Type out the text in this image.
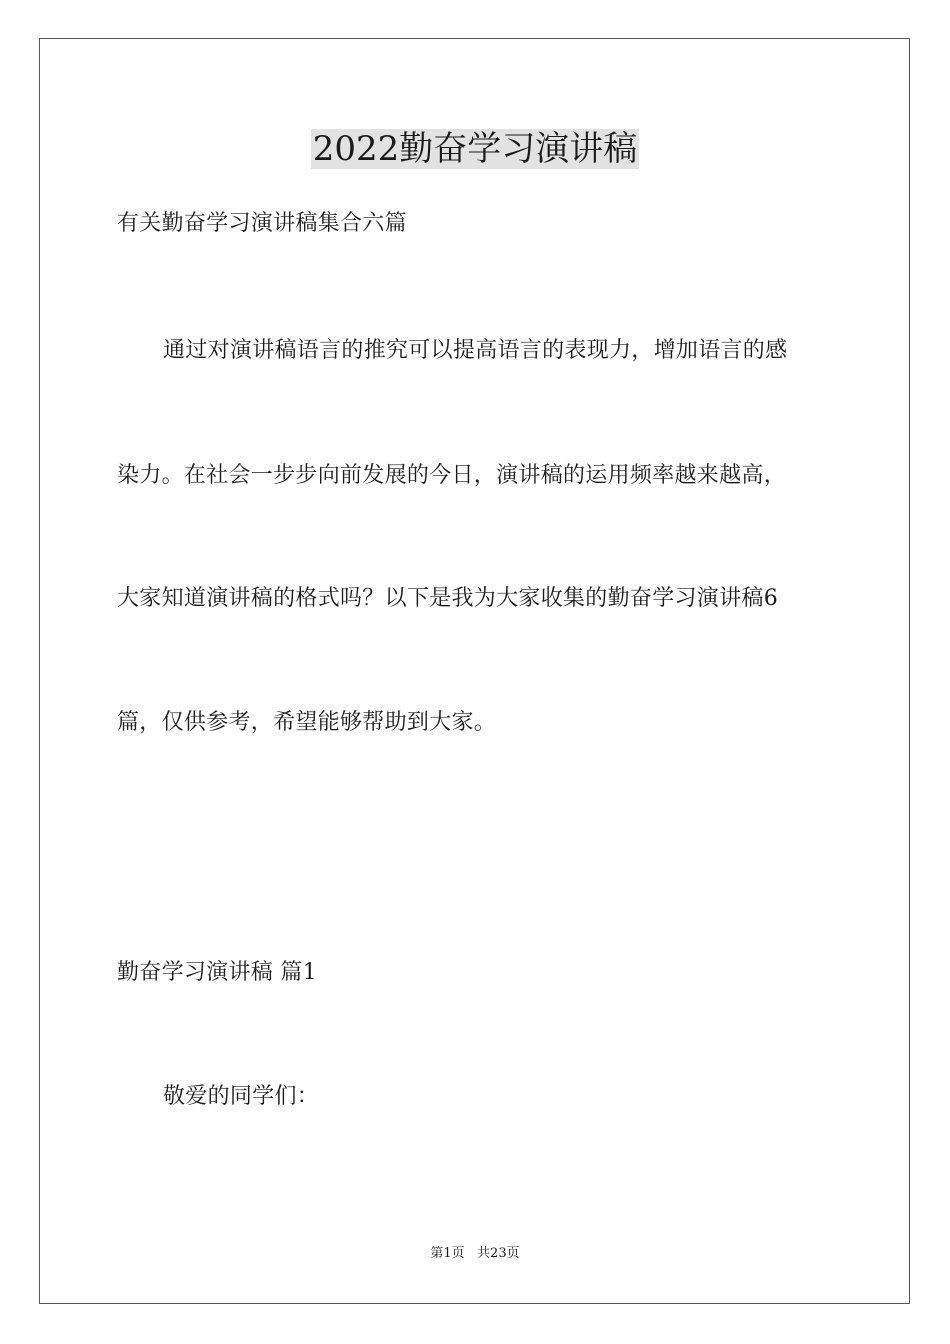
2022勤奋学习演讲稿
有关勤奋学习演讲稿集合六篇
通过对演讲稿语言的推究可以提高语言的表现力，增加语言的感
染力。在社会一步步向前发展的今日，演讲稿的运用频率越来越高，
大家知道演讲稿的格式吗？以下是我为大家收集的勤奋学习演讲稿6
篇，仅供参考，希望能够帮助到大家。
勤奋学习演讲稿 篇1
敬爱的同学们：
第1页   共23页
